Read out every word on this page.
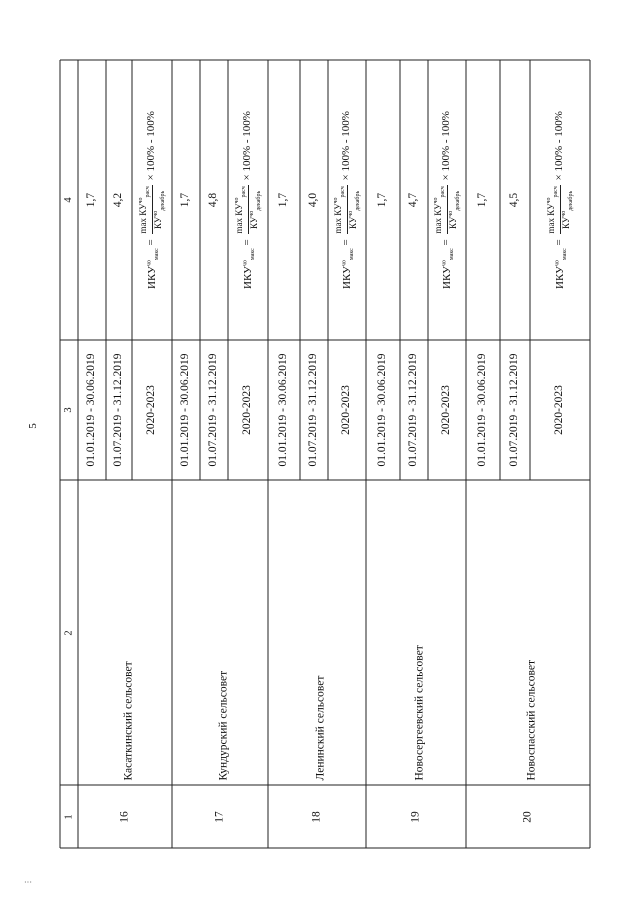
5
1
2
3
4
16
Касаткинский сельсовет
01.01.2019 - 30.06.2019
1,7
01.07.2019 - 31.12.2019
4,2
2020-2023
$ИКУ^{чо}_{макс}$ =
$\max КУ^{чо}_{расч}$
$КУ^{чо}_{декабрь}$
× 100% - 100%
17
Кундурский сельсовет
01.01.2019 - 30.06.2019
1,7
01.07.2019 - 31.12.2019
4,8
2020-2023
$ИКУ^{чо}_{макс}$ =
$\max КУ^{чо}_{расч}$
$КУ^{чо}_{декабрь}$
× 100% - 100%
18
Ленинский сельсовет
01.01.2019 - 30.06.2019
1,7
01.07.2019 - 31.12.2019
4,0
2020-2023
$ИКУ^{чо}_{макс}$ =
$\max КУ^{чо}_{расч}$
$КУ^{чо}_{декабрь}$
× 100% - 100%
19
Новосергеевский сельсовет
01.01.2019 - 30.06.2019
1,7
01.07.2019 - 31.12.2019
4,7
2020-2023
$ИКУ^{чо}_{макс}$ =
$\max КУ^{чо}_{расч}$
$КУ^{чо}_{декабрь}$
× 100% - 100%
20
Новоспасский сельсовет
01.01.2019 - 30.06.2019
1,7
01.07.2019 - 31.12.2019
4,5
2020-2023
$ИКУ^{чо}_{макс}$ =
$\max КУ^{чо}_{расч}$
$КУ^{чо}_{декабрь}$
× 100% - 100%
···
